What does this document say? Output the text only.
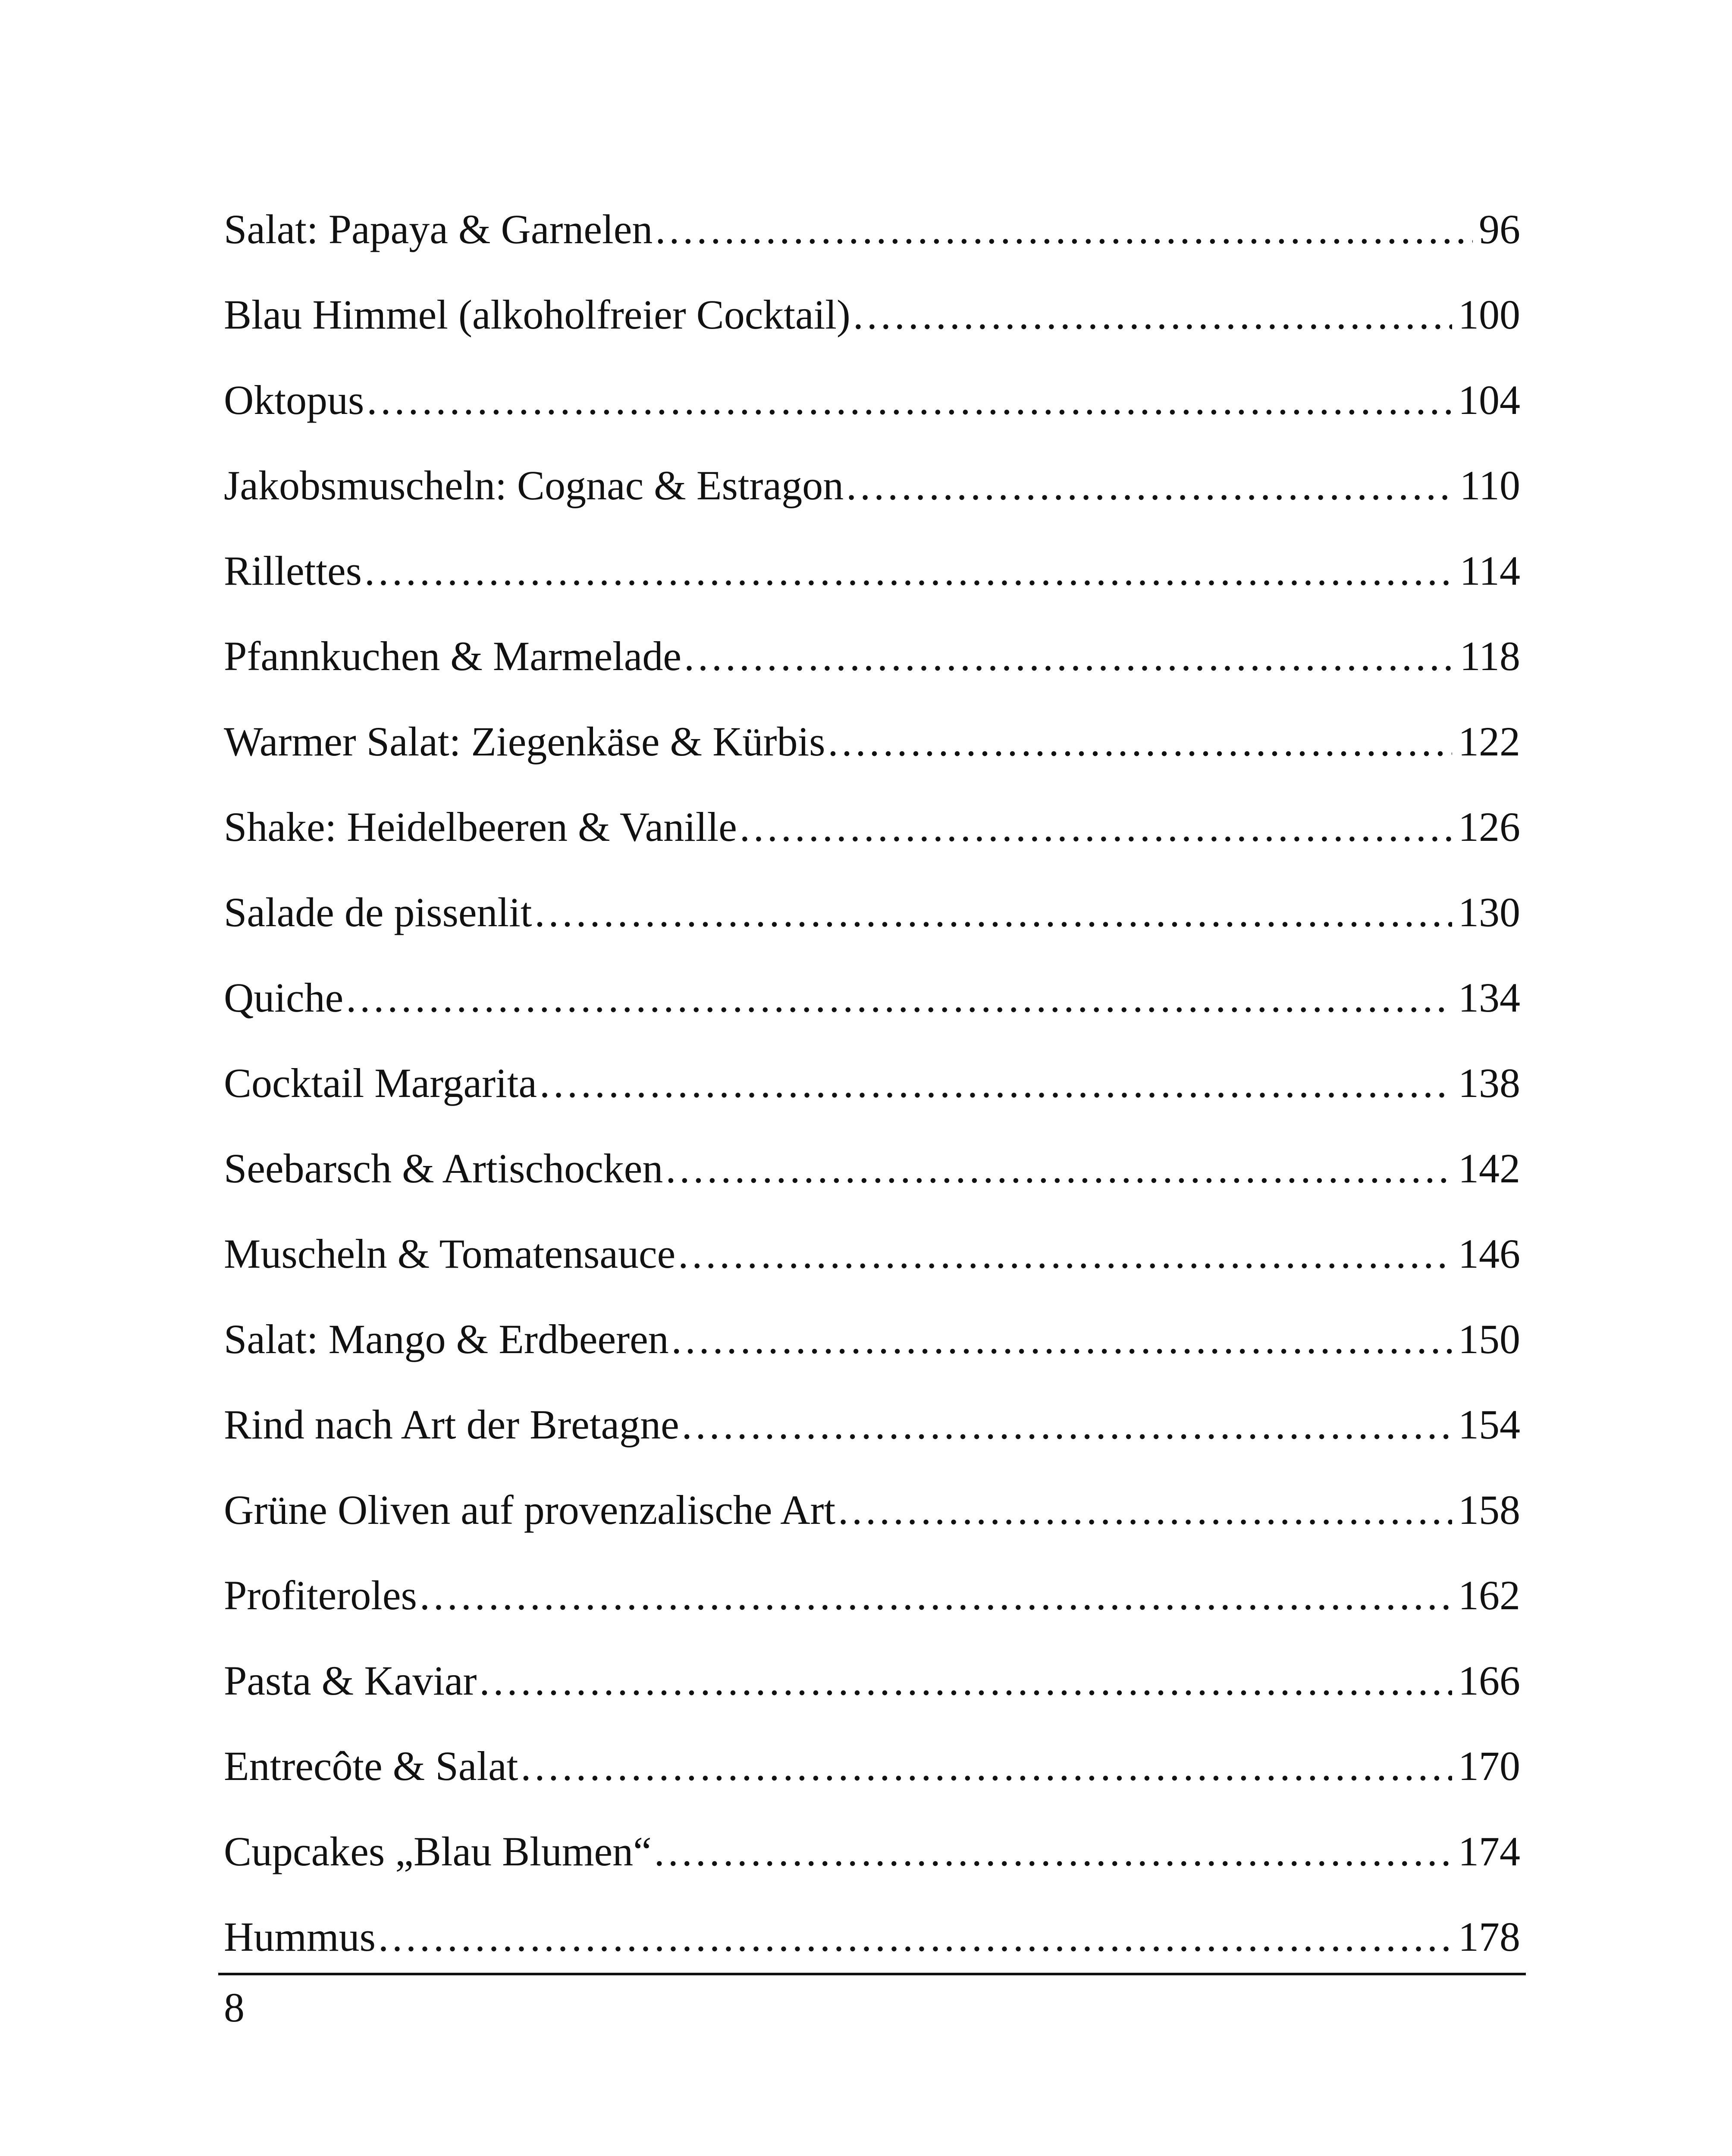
Salat: Papaya & Garnelen . . .	96
Blau Himmel (alkoholfreier Cocktail) . . .	100
Oktopus . . .	104
Jakobsmuscheln: Cognac & Estragon . . .	110
Rillettes . . .	114
Pfannkuchen & Marmelade . . .	118
Warmer Salat: Ziegenkäse & Kürbis . . .	122
Shake: Heidelbeeren & Vanille . . .	126
Salade de pissenlit . . .	130
Quiche . . .	134
Cocktail Margarita . . .	138
Seebarsch & Artischocken . . .	142
Muscheln & Tomatensauce . . .	146
Salat: Mango & Erdbeeren . . .	150
Rind nach Art der Bretagne . . .	154
Grüne Oliven auf provenzalische Art . . .	158
Profiteroles . . .	162
Pasta & Kaviar . . .	166
Entrecôte & Salat . . .	170
Cupcakes „Blau Blumen“ . . .	174
Hummus . . .	178
8
